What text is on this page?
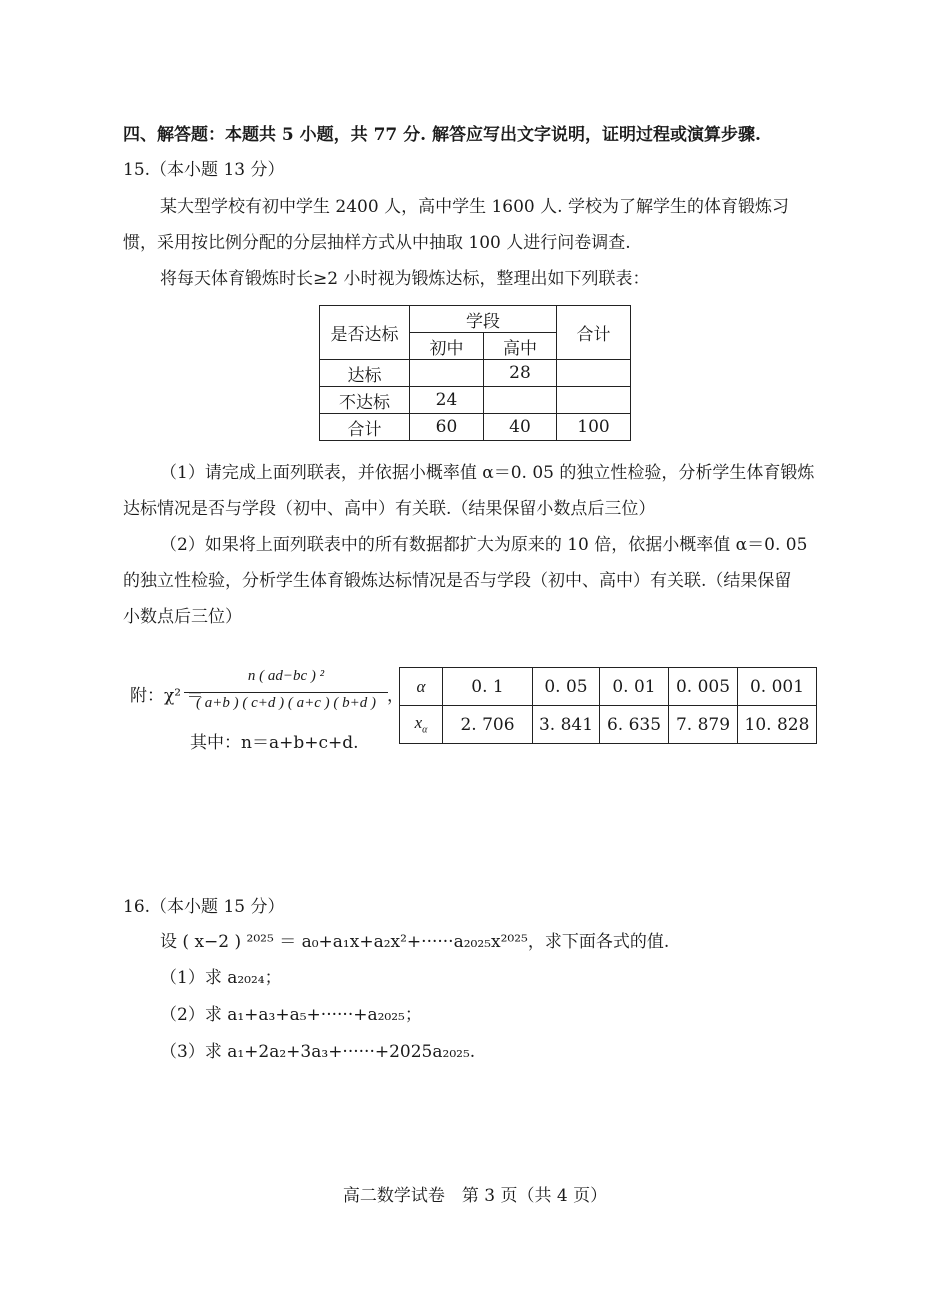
四、解答题：本题共 5 小题，共 77 分. 解答应写出文字说明，证明过程或演算步骤.
15.（本小题 13 分）
某大型学校有初中学生 2400 人，高中学生 1600 人. 学校为了解学生的体育锻炼习
惯，采用按比例分配的分层抽样方式从中抽取 100 人进行问卷调查.
将每天体育锻炼时长≥2 小时视为锻炼达标，整理出如下列联表：
是否达标	学段		合计
	初中	高中	
达标		28	
不达标	24		
合计	60	40	100
（1）请完成上面列联表，并依据小概率值 α＝0. 05 的独立性检验，分析学生体育锻炼
达标情况是否与学段（初中、高中）有关联.（结果保留小数点后三位）
（2）如果将上面列联表中的所有数据都扩大为原来的 10 倍，依据小概率值 α＝0. 05
的独立性检验，分析学生体育锻炼达标情况是否与学段（初中、高中）有关联.（结果保留
小数点后三位）
附：χ² ＝
n ( ad−bc ) ²
( a+b ) ( c+d ) ( a+c ) ( b+d ) ，
其中：n＝a+b+c+d.
α	0. 1	0. 05	0. 01	0. 005	0. 001
$x_\alpha$	2. 706	3. 841	6. 635	7. 879	10. 828
16.（本小题 15 分）
设 ( x−2 ) ²⁰²⁵ ＝ a₀+a₁x+a₂x²+······a₂₀₂₅x²⁰²⁵，求下面各式的值.
（1）求 a₂₀₂₄；
（2）求 a₁+a₃+a₅+······+a₂₀₂₅；
（3）求 a₁+2a₂+3a₃+······+2025a₂₀₂₅.
高二数学试卷　第 3 页（共 4 页）
